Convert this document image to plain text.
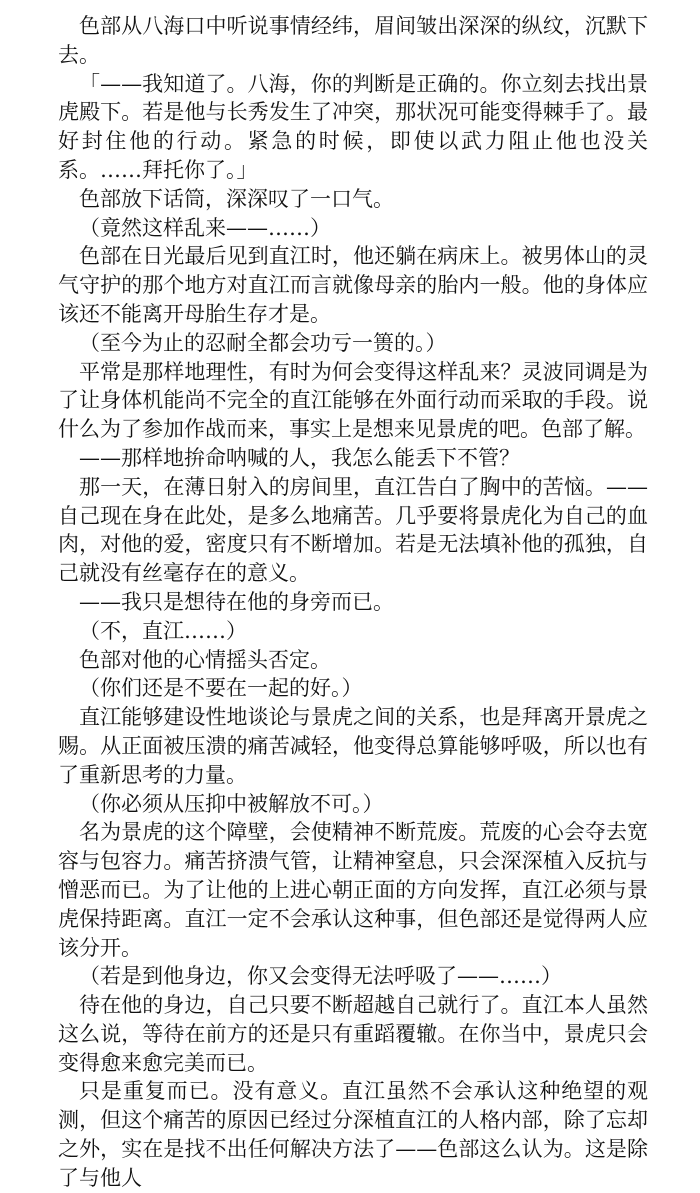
色部从八海口中听说事情经纬，眉间皱出深深的纵纹，沉默下去。

「——我知道了。八海，你的判断是正确的。你立刻去找出景虎殿下。若是他与长秀发生了冲突，那状况可能变得棘手了。最好封住他的行动。紧急的时候，即使以武力阻止他也没关系。……拜托你了。」

色部放下话筒，深深叹了一口气。

（竟然这样乱来——……）

色部在日光最后见到直江时，他还躺在病床上。被男体山的灵气守护的那个地方对直江而言就像母亲的胎内一般。他的身体应该还不能离开母胎生存才是。

（至今为止的忍耐全都会功亏一篑的。）

平常是那样地理性，有时为何会变得这样乱来？灵波同调是为了让身体机能尚不完全的直江能够在外面行动而采取的手段。说什么为了参加作战而来，事实上是想来见景虎的吧。色部了解。

——那样地拚命呐喊的人，我怎么能丢下不管？

那一天，在薄日射入的房间里，直江告白了胸中的苦恼。——自己现在身在此处，是多么地痛苦。几乎要将景虎化为自己的血肉，对他的爱，密度只有不断增加。若是无法填补他的孤独，自己就没有丝毫存在的意义。

——我只是想待在他的身旁而已。

（不，直江……）

色部对他的心情摇头否定。

（你们还是不要在一起的好。）

直江能够建设性地谈论与景虎之间的关系，也是拜离开景虎之赐。从正面被压溃的痛苦减轻，他变得总算能够呼吸，所以也有了重新思考的力量。

（你必须从压抑中被解放不可。）

名为景虎的这个障壁，会使精神不断荒废。荒废的心会夺去宽容与包容力。痛苦挤溃气管，让精神窒息，只会深深植入反抗与憎恶而已。为了让他的上进心朝正面的方向发挥，直江必须与景虎保持距离。直江一定不会承认这种事，但色部还是觉得两人应该分开。

（若是到他身边，你又会变得无法呼吸了——……）

待在他的身边，自己只要不断超越自己就行了。直江本人虽然这么说，等待在前方的还是只有重蹈覆辙。在你当中，景虎只会变得愈来愈完美而已。

只是重复而已。没有意义。直江虽然不会承认这种绝望的观测，但这个痛苦的原因已经过分深植直江的人格内部，除了忘却之外，实在是找不出任何解决方法了——色部这么认为。这是除了与他人
